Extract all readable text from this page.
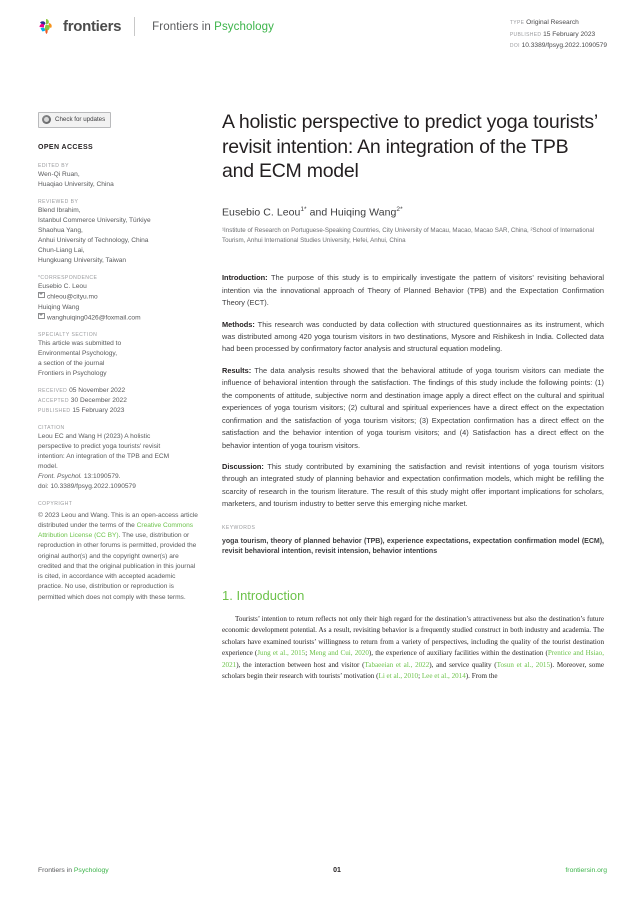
frontiers	Frontiers in Psychology	TYPE Original Research
PUBLISHED 15 February 2023
DOI 10.3389/fpsyg.2022.1090579
Check for updates
OPEN ACCESS
EDITED BY
Wen-Qi Ruan,
Huaqiao University, China
REVIEWED BY
Blend Ibrahim,
Istanbul Commerce University, Türkiye
Shaohua Yang,
Anhui University of Technology, China
Chun-Liang Lai,
Hungkuang University, Taiwan
*CORRESPONDENCE
Eusebio C. Leou
chleou@cityu.mo
Huiqing Wang
wanghuiqing0426@foxmail.com
SPECIALTY SECTION
This article was submitted to
Environmental Psychology,
a section of the journal
Frontiers in Psychology
RECEIVED 05 November 2022
ACCEPTED 30 December 2022
PUBLISHED 15 February 2023
CITATION
Leou EC and Wang H (2023) A holistic
perspective to predict yoga tourists' revisit
intention: An integration of the TPB and ECM
model.
Front. Psychol. 13:1090579.
doi: 10.3389/fpsyg.2022.1090579
COPYRIGHT
© 2023 Leou and Wang. This is an open-access article distributed under the terms of the Creative Commons Attribution License (CC BY). The use, distribution or reproduction in other forums is permitted, provided the original author(s) and the copyright owner(s) are credited and that the original publication in this journal is cited, in accordance with accepted academic practice. No use, distribution or reproduction is permitted which does not comply with these terms.
A holistic perspective to predict yoga tourists’ revisit intention: An integration of the TPB and ECM model
Eusebio C. Leou$^{1*}$ and Huiqing Wang$^{2*}$
¹Institute of Research on Portuguese-Speaking Countries, City University of Macau, Macao, Macao SAR, China, ²School of International Tourism, Anhui International Studies University, Hefei, Anhui, China

Introduction: The purpose of this study is to empirically investigate the pattern of visitors’ revisiting behavioral intention via the innovational approach of Theory of Planned Behavior (TPB) and the Expectation Confirmation Theory (ECT).

Methods: This research was conducted by data collection with structured questionnaires as its instrument, which was distributed among 420 yoga tourism visitors in two destinations, Mysore and Rishikesh in India. Collected data had been processed by confirmatory factor analysis and structural equation modeling.

Results: The data analysis results showed that the behavioral attitude of yoga tourism visitors can mediate the influence of behavioral intention through the satisfaction. The findings of this study include the following points: (1) the components of attitude, subjective norm and destination image apply a direct effect on the cultural and spiritual experiences of yoga tourism visitors; (2) cultural and spiritual experiences have a direct effect on the expectation confirmation and the satisfaction of yoga tourism visitors; (3) Expectation confirmation has a direct effect on the satisfaction and the behavior intention of yoga tourism visitors; and (4) Satisfaction has a direct effect on the behavior intention of yoga tourism visitors.

Discussion: This study contributed by examining the satisfaction and revisit intentions of yoga tourism visitors through an integrated study of planning behavior and expectation confirmation models, which might be refilling the scarcity of research in the tourism literature. The result of this study might offer important implications for scholars, marketers, and tourism industry to better serve this emerging niche market.

KEYWORDS
yoga tourism, theory of planned behavior (TPB), experience expectations, expectation confirmation model (ECM), revisit behavioral intention, revisit intension, behavior intentions
1. Introduction

Tourists’ intention to return reflects not only their high regard for the destination’s attractiveness but also the destination’s future economic development potential. As a result, revisiting behavior is a frequently studied construct in both industry and academia. The scholars have examined tourists’ willingness to return from a variety of perspectives, including the quality of the tourist destination experience (Jung et al., 2015; Meng and Cui, 2020), the experience of auxiliary facilities within the destination (Prentice and Hsiao, 2021), the interaction between host and visitor (Tabaeeian et al., 2022), and service quality (Tosun et al., 2015). Moreover, some scholars begin their research with tourists’ motivation (Li et al., 2010; Lee et al., 2014). From the

Frontiers in Psychology	01	frontiersin.org
